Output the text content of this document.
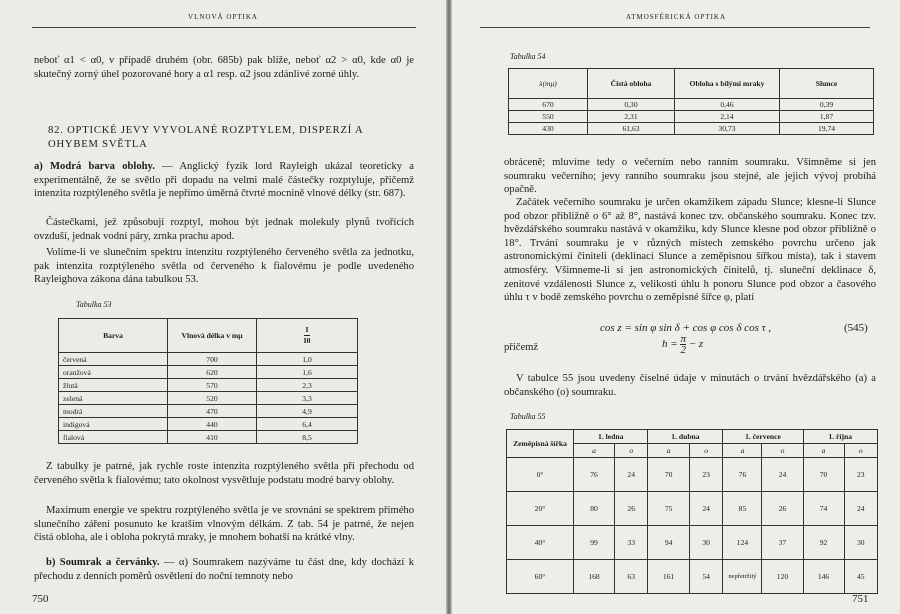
VLNOVÁ OPTIKA

neboť α1 < α0, v případě druhém (obr. 685b) pak blíže, neboť α2 > α0, kde α0 je skutečný zorný úhel pozorované hory a α1 resp. α2 jsou zdánlivé zorné úhly.

82. OPTICKÉ JEVY VYVOLANÉ ROZPTYLEM, DISPERZÍ A OHYBEM SVĚTLA

a) Modrá barva oblohy. — Anglický fyzik lord Rayleigh ukázal teoreticky a experimentálně, že se světlo při dopadu na velmi malé částečky rozptyluje, přičemž intenzita rozptýleného světla je nepřímo úměrná čtvrté mocnině vlnové délky (str. 687).

Částečkami, jež způsobují rozptyl, mohou být jednak molekuly plynů tvořících ovzduší, jednak vodní páry, zrnka prachu apod.

Volíme-li ve slunečním spektru intenzitu rozptýleného červeného světla za jednotku, pak intenzita rozptýleného světla od červeného k fialovému je podle uvedeného Rayleighova zákona dána tabulkou 53.

Tabulka 53
Barva	Vlnová délka v mμ	$\frac{I}{I0}$

červená	700	1,0
oranžová	620	1,6
žlutá	570	2,3
zelená	520	3,3
modrá	470	4,9
indigová	440	6,4
fialová	410	8,5

Z tabulky je patrné, jak rychle roste intenzita rozptýleného světla při přechodu od červeného světla k fialovému; tato okolnost vysvětluje podstatu modré barvy oblohy.

Maximum energie ve spektru rozptýleného světla je ve srovnání se spektrem přímého slunečního záření posunuto ke kratším vlnovým délkám. Z tab. 54 je patrné, že nejen čistá obloha, ale i obloha pokrytá mraky, je mnohem bohatší na krátké vlny.

b) Soumrak a červánky. — α) Soumrakem nazýváme tu část dne, kdy dochází k přechodu z denních poměrů osvětlení do noční temnoty nebo

750
ATMOSFÉRICKÁ OPTIKA
Tabulka 54
λ(mμ)	Čistá obloha	Obloha s bílými mraky	Slunce
670	0,30	0,46	0,39
550	2,31	2,14	1,87
430	61,63	30,73	19,74

obráceně; mluvíme tedy o večerním nebo ranním soumraku. Všimněme si jen soumraku večerního; jevy ranního soumraku jsou stejné, ale jejich vývoj probíhá opačně.

Začátek večerního soumraku je určen okamžikem západu Slunce; klesne-li Slunce pod obzor přibližně o 6° až 8°, nastává konec tzv. občanského soumraku. Konec tzv. hvězdářského soumraku nastává v okamžiku, kdy Slunce klesne pod obzor přibližně o 18°. Trvání soumraku je v různých místech zemského povrchu určeno jak astronomickými činiteli (deklinací Slunce a zeměpisnou šířkou místa), tak i stavem atmosféry. Všimneme-li si jen astronomických činitelů, tj. sluneční deklinace δ, zenitové vzdálenosti Slunce z, velikosti úhlu h ponoru Slunce pod obzor a časového úhlu τ v bodě zemského povrchu o zeměpisné šířce φ, platí

cos z = sin φ sin δ + cos φ cos δ cos τ ,	(545)
přičemž	$h = \frac{\pi}{2} - z$

V tabulce 55 jsou uvedeny číselné údaje v minutách o trvání hvězdářského (a) a občanského (o) soumraku.

Tabulka 55
Zeměpisná šířka	1. ledna		1. dubna		1. července		1. října	
	a	o	a	o	a	o	a	o
0°	76	24	70	23	76	24	70	23
20°	80	26	75	24	85	26	74	24
40°	99	33	94	30	124	37	92	30
60°	168	63	161	54	nepřetržitý	120	146	45
751
